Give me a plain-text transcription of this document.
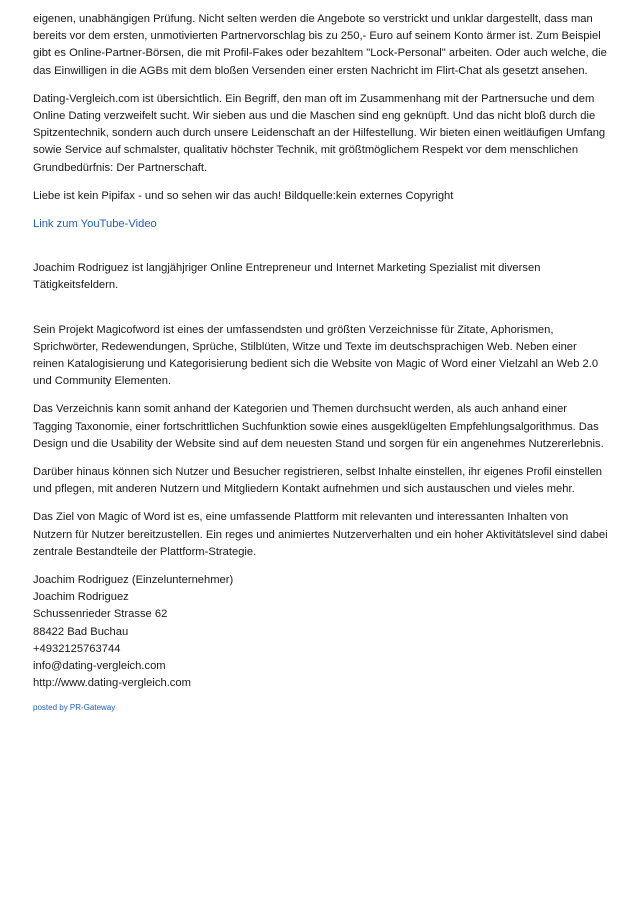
eigenen, unabhängigen Prüfung. Nicht selten werden die Angebote so verstrickt und unklar dargestellt, dass man bereits vor dem ersten, unmotivierten Partnervorschlag bis zu 250,- Euro auf seinem Konto ärmer ist. Zum Beispiel gibt es Online-Partner-Börsen, die mit Profil-Fakes oder bezahltem "Lock-Personal" arbeiten. Oder auch welche, die das Einwilligen in die AGBs mit dem bloßen Versenden einer ersten Nachricht im Flirt-Chat als gesetzt ansehen.

Dating-Vergleich.com ist übersichtlich. Ein Begriff, den man oft im Zusammenhang mit der Partnersuche und dem Online Dating verzweifelt sucht. Wir sieben aus und die Maschen sind eng geknüpft. Und das nicht bloß durch die Spitzentechnik, sondern auch durch unsere Leidenschaft an der Hilfestellung. Wir bieten einen weitläufigen Umfang sowie Service auf schmalster, qualitativ höchster Technik, mit größtmöglichem Respekt vor dem menschlichen Grundbedürfnis: Der Partnerschaft.

Liebe ist kein Pipifax - und so sehen wir das auch! Bildquelle:kein externes Copyright

Link zum YouTube-Video

Joachim Rodriguez ist langjähjriger Online Entrepreneur und Internet Marketing Spezialist mit diversen Tätigkeitsfeldern.

Sein Projekt Magicofword ist eines der umfassendsten und größten Verzeichnisse für Zitate, Aphorismen, Sprichwörter, Redewendungen, Sprüche, Stilblüten, Witze und Texte im deutschsprachigen Web. Neben einer reinen Katalogisierung und Kategorisierung bedient sich die Website von Magic of Word einer Vielzahl an Web 2.0 und Community Elementen.

Das Verzeichnis kann somit anhand der Kategorien und Themen durchsucht werden, als auch anhand einer Tagging Taxonomie, einer fortschrittlichen Suchfunktion sowie eines ausgeklügelten Empfehlungsalgorithmus. Das Design und die Usability der Website sind auf dem neuesten Stand und sorgen für ein angenehmes Nutzererlebnis.

Darüber hinaus können sich Nutzer und Besucher registrieren, selbst Inhalte einstellen, ihr eigenes Profil einstellen und pflegen, mit anderen Nutzern und Mitgliedern Kontakt aufnehmen und sich austauschen und vieles mehr.

Das Ziel von Magic of Word ist es, eine umfassende Plattform mit relevanten und interessanten Inhalten von Nutzern für Nutzer bereitzustellen. Ein reges und animiertes Nutzerverhalten und ein hoher Aktivitätslevel sind dabei zentrale Bestandteile der Plattform-Strategie.

Joachim Rodriguez (Einzelunternehmer)
Joachim Rodriguez
Schussenrieder Strasse 62
88422 Bad Buchau
+4932125763744
info@dating-vergleich.com
http://www.dating-vergleich.com

posted by PR-Gateway
